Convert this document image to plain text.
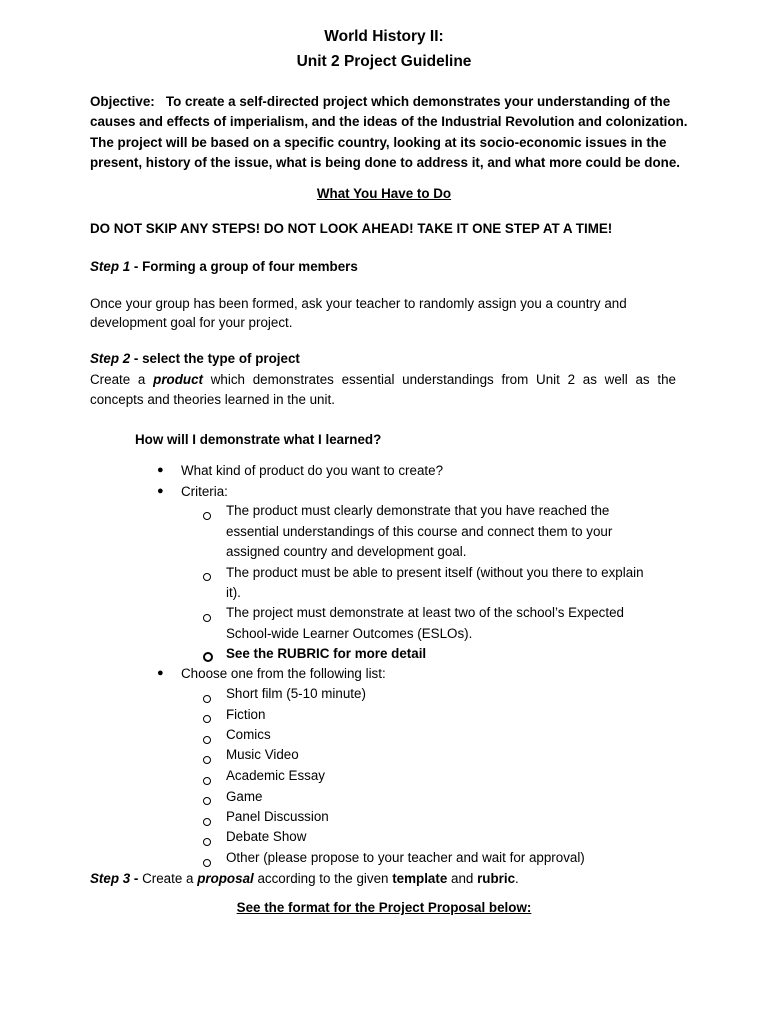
World History II:
Unit 2 Project Guideline
Objective: To create a self-directed project which demonstrates your understanding of the
causes and effects of imperialism, and the ideas of the Industrial Revolution and colonization.
The project will be based on a specific country, looking at its socio-economic issues in the
present, history of the issue, what is being done to address it, and what more could be done.
What You Have to Do
DO NOT SKIP ANY STEPS! DO NOT LOOK AHEAD! TAKE IT ONE STEP AT A TIME!
Step 1 - Forming a group of four members
Once your group has been formed, ask your teacher to randomly assign you a country and
development goal for your project.
Step 2 - select the type of project
Create a product which demonstrates essential understandings from Unit 2 as well as the
concepts and theories learned in the unit.
How will I demonstrate what I learned?
● What kind of product do you want to create?
● Criteria:
The product must clearly demonstrate that you have reached the
essential understandings of this course and connect them to your
assigned country and development goal.
The product must be able to present itself (without you there to explain
it).
The project must demonstrate at least two of the school’s Expected
School-wide Learner Outcomes (ESLOs).
See the RUBRIC for more detail
● Choose one from the following list:
Short film (5-10 minute)
Fiction
Comics
Music Video
Academic Essay
Game
Panel Discussion
Debate Show
Other (please propose to your teacher and wait for approval)
Step 3 - Create a proposal according to the given template and rubric.
See the format for the Project Proposal below:
